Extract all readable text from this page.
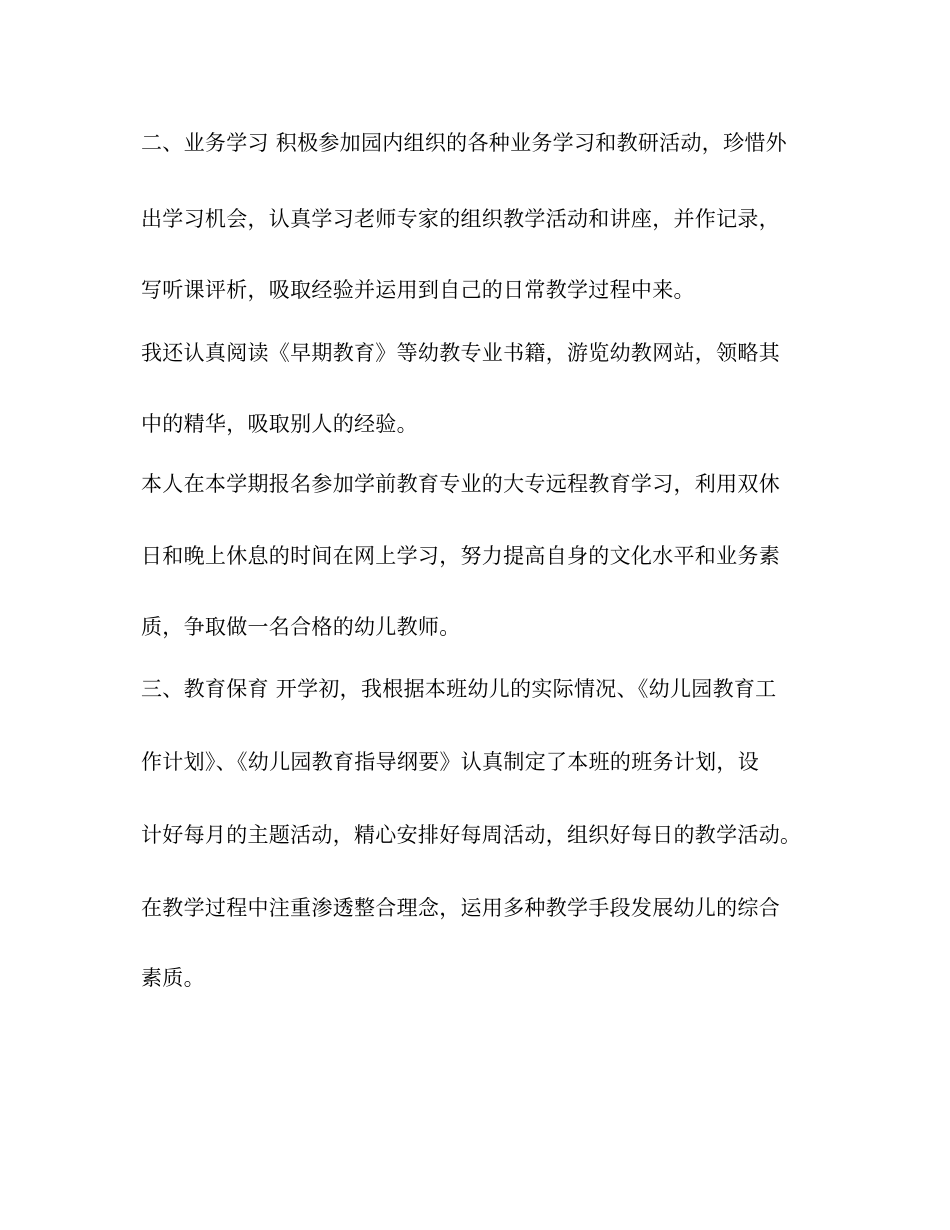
二、业务学习 积极参加园内组织的各种业务学习和教研活动，珍惜外
出学习机会，认真学习老师专家的组织教学活动和讲座，并作记录，
写听课评析，吸取经验并运用到自己的日常教学过程中来。
我还认真阅读《早期教育》等幼教专业书籍，游览幼教网站，领略其
中的精华，吸取别人的经验。
本人在本学期报名参加学前教育专业的大专远程教育学习，利用双休
日和晚上休息的时间在网上学习，努力提高自身的文化水平和业务素
质，争取做一名合格的幼儿教师。
三、教育保育 开学初，我根据本班幼儿的实际情况、《幼儿园教育工
作计划》、《幼儿园教育指导纲要》认真制定了本班的班务计划，设
计好每月的主题活动，精心安排好每周活动，组织好每日的教学活动。
在教学过程中注重渗透整合理念，运用多种教学手段发展幼儿的综合
素质。
